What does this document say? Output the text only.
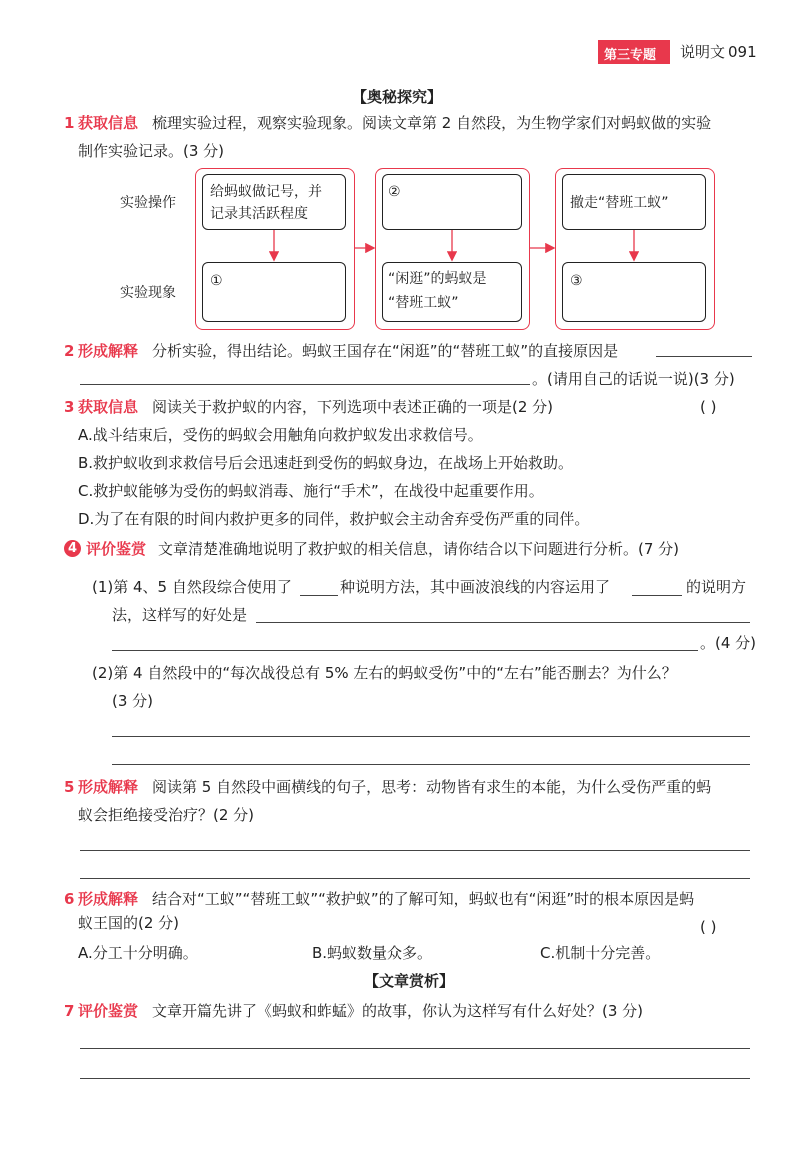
第三专题 说明文 091
【奥秘探究】
1 获取信息 梳理实验过程，观察实验现象。阅读文章第 2 自然段，为生物学家们对蚂蚁做的实验
制作实验记录。(3 分)
实验操作
实验现象
给蚂蚁做记号，并
记录其活跃程度
①
②
“闲逛”的蚂蚁是
“替班工蚁”
撤走“替班工蚁”
③
2 形成解释 分析实验，得出结论。蚂蚁王国存在“闲逛”的“替班工蚁”的直接原因是
。(请用自己的话说一说)(3 分)
3 获取信息 阅读关于救护蚁的内容，下列选项中表述正确的一项是(2 分)	( )
A.战斗结束后，受伤的蚂蚁会用触角向救护蚁发出求救信号。
B.救护蚁收到求救信号后会迅速赶到受伤的蚂蚁身边，在战场上开始救助。
C.救护蚁能够为受伤的蚂蚁消毒、施行“手术”，在战役中起重要作用。
D.为了在有限的时间内救护更多的同伴，救护蚁会主动舍弃受伤严重的同伴。
4 评价鉴赏 文章清楚准确地说明了救护蚁的相关信息，请你结合以下问题进行分析。(7 分)
(1)第 4、5 自然段综合使用了	种说明方法，其中画波浪线的内容运用了	的说明方
法，这样写的好处是
。(4 分)
(2)第 4 自然段中的“每次战役总有 5% 左右的蚂蚁受伤”中的“左右”能否删去？为什么？
(3 分)
5 形成解释 阅读第 5 自然段中画横线的句子，思考：动物皆有求生的本能，为什么受伤严重的蚂
蚁会拒绝接受治疗？(2 分)
6 形成解释 结合对“工蚁”“替班工蚁”“救护蚁”的了解可知，蚂蚁也有“闲逛”时的根本原因是蚂
蚁王国的(2 分)	( )
A.分工十分明确。	B.蚂蚁数量众多。	C.机制十分完善。
【文章赏析】
7 评价鉴赏 文章开篇先讲了《蚂蚁和蚱蜢》的故事，你认为这样写有什么好处？(3 分)
